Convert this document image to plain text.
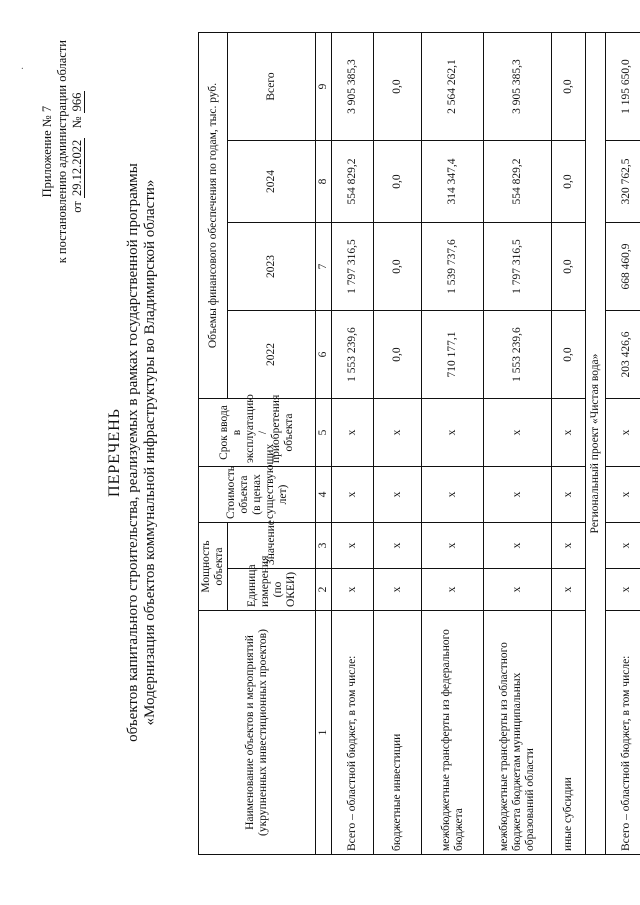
·
Приложение № 7 к постановлению администрации области от 29.12.2022   № 966
ПЕРЕЧЕНЬ объектов капитального строительства, реализуемых в рамках государственной программы «Модернизация объектов коммунальной инфраструктуры во Владимирской области»
Наименование объектов и мероприятий (укрупненных инвестиционных проектов)	Мощность объекта		Стоимость объекта (в ценах существующих лет)	Срок ввода в эксплуатацию / приобретения объекта	Объемы финансового обеспечения по годам, тыс. руб.			
	Единица измерения (по ОКЕИ)	Значение			2022	2023	2024	Всего
1	2	3	4	5	6	7	8	9
Всего – областной бюджет, в том числе:	х	х	х	х	1 553 239,6	1 797 316,5	554 829,2	3 905 385,3
бюджетные инвестиции	х	х	х	х	0,0	0,0	0,0	0,0
межбюджетные трансферты из федерального бюджета	х	х	х	х	710 177,1	1 539 737,6	314 347,4	2 564 262,1
межбюджетные трансферты из областного бюджета бюджетам муниципальных образований области	х	х	х	х	1 553 239,6	1 797 316,5	554 829,2	3 905 385,3
иные субсидии	х	х	х	х	0,0	0,0	0,0	0,0
Региональный проект «Чистая вода»								
Всего – областной бюджет, в том числе:	х	х	х	х	203 426,6	668 460,9	320 762,5	1 195 650,0
